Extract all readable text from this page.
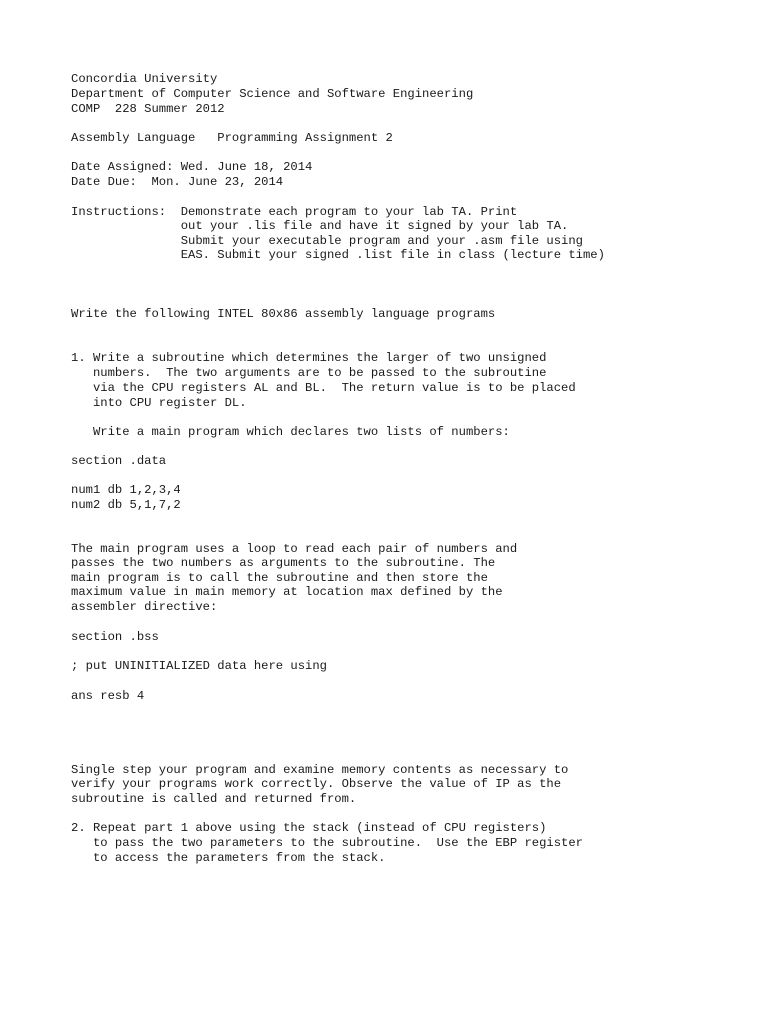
Concordia University
Department of Computer Science and Software Engineering
COMP  228 Summer 2012
Assembly Language   Programming Assignment 2
Date Assigned: Wed. June 18, 2014
Date Due:  Mon. June 23, 2014
Instructions:  Demonstrate each program to your lab TA. Print
out your .lis file and have it signed by your lab TA.
Submit your executable program and your .asm file using
EAS. Submit your signed .list file in class (lecture time)
Write the following INTEL 80x86 assembly language programs
1. Write a subroutine which determines the larger of two unsigned
numbers.  The two arguments are to be passed to the subroutine
via the CPU registers AL and BL.  The return value is to be placed
into CPU register DL.
Write a main program which declares two lists of numbers:
section .data
num1 db 1,2,3,4
num2 db 5,1,7,2
The main program uses a loop to read each pair of numbers and
passes the two numbers as arguments to the subroutine. The
main program is to call the subroutine and then store the
maximum value in main memory at location max defined by the
assembler directive:
section .bss
; put UNINITIALIZED data here using
ans resb 4
Single step your program and examine memory contents as necessary to
verify your programs work correctly. Observe the value of IP as the
subroutine is called and returned from.
2. Repeat part 1 above using the stack (instead of CPU registers)
to pass the two parameters to the subroutine.  Use the EBP register
to access the parameters from the stack.
